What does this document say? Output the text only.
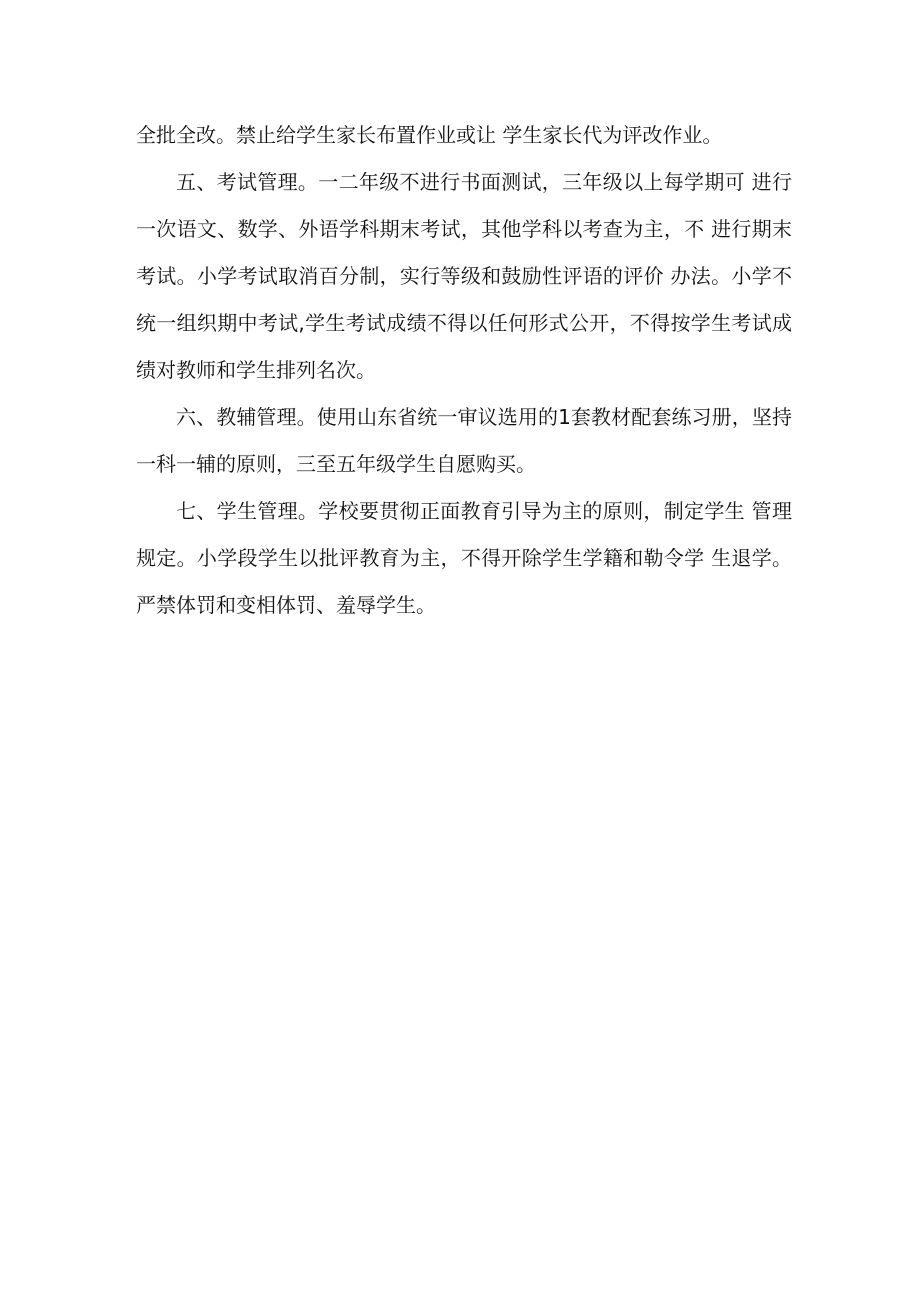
全批全改。禁止给学生家长布置作业或让 学生家长代为评改作业。
五、考试管理。一二年级不进行书面测试，三年级以上每学期可 进行
一次语文、数学、外语学科期末考试，其他学科以考查为主，不 进行期末
考试。小学考试取消百分制，实行等级和鼓励性评语的评价 办法。小学不
统一组织期中考试,学生考试成绩不得以任何形式公开，不得按学生考试成
绩对教师和学生排列名次。
六、教辅管理。使用山东省统一审议选用的1套教材配套练习册，坚持
一科一辅的原则，三至五年级学生自愿购买。
七、学生管理。学校要贯彻正面教育引导为主的原则，制定学生 管理
规定。小学段学生以批评教育为主，不得开除学生学籍和勒令学 生退学。
严禁体罚和变相体罚、羞辱学生。
